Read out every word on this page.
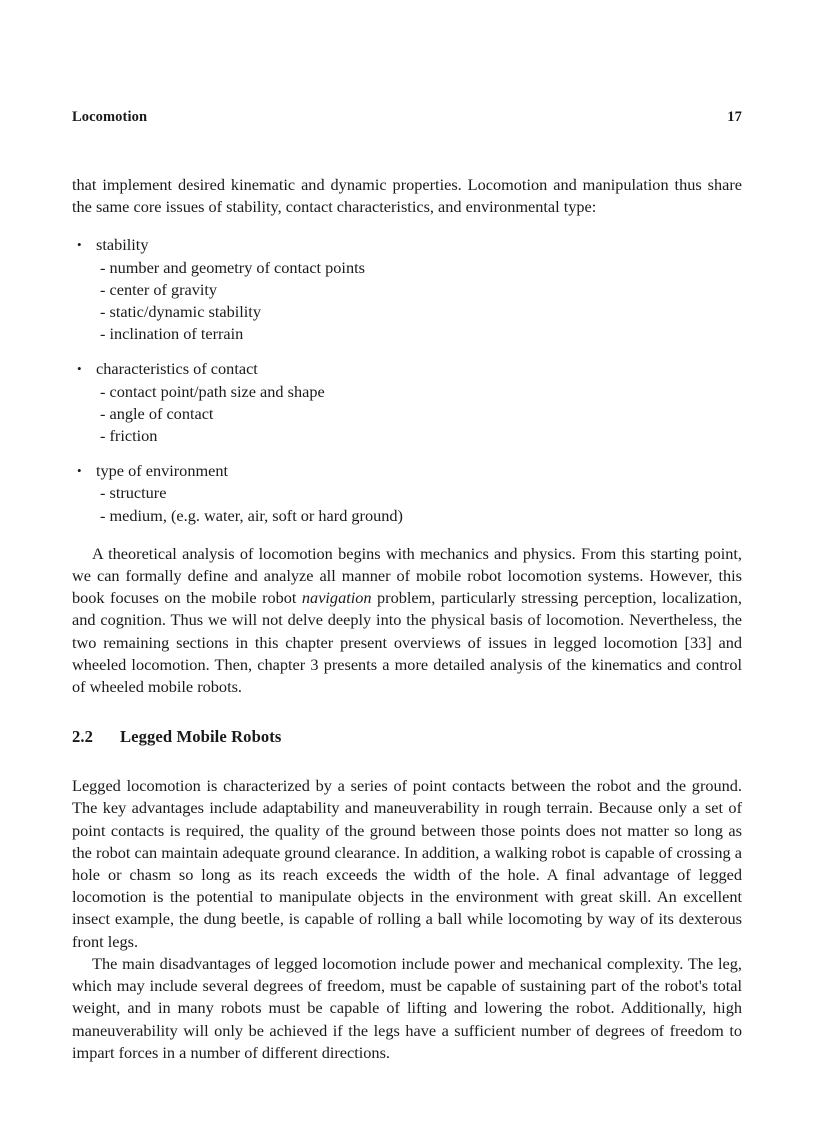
Locomotion	17

that implement desired kinematic and dynamic properties. Locomotion and manipulation thus share the same core issues of stability, contact characteristics, and environmental type:

• stability
- number and geometry of contact points
- center of gravity
- static/dynamic stability
- inclination of terrain
• characteristics of contact
- contact point/path size and shape
- angle of contact
- friction
• type of environment
- structure
- medium, (e.g. water, air, soft or hard ground)

A theoretical analysis of locomotion begins with mechanics and physics. From this starting point, we can formally define and analyze all manner of mobile robot locomotion systems. However, this book focuses on the mobile robot navigation problem, particularly stressing perception, localization, and cognition. Thus we will not delve deeply into the physical basis of locomotion. Nevertheless, the two remaining sections in this chapter present overviews of issues in legged locomotion [33] and wheeled locomotion. Then, chapter 3 presents a more detailed analysis of the kinematics and control of wheeled mobile robots.

2.2 Legged Mobile Robots

Legged locomotion is characterized by a series of point contacts between the robot and the ground. The key advantages include adaptability and maneuverability in rough terrain. Because only a set of point contacts is required, the quality of the ground between those points does not matter so long as the robot can maintain adequate ground clearance. In addition, a walking robot is capable of crossing a hole or chasm so long as its reach exceeds the width of the hole. A final advantage of legged locomotion is the potential to manipulate objects in the environment with great skill. An excellent insect example, the dung beetle, is capable of rolling a ball while locomoting by way of its dexterous front legs.

The main disadvantages of legged locomotion include power and mechanical complexity. The leg, which may include several degrees of freedom, must be capable of sustaining part of the robot's total weight, and in many robots must be capable of lifting and lowering the robot. Additionally, high maneuverability will only be achieved if the legs have a sufficient number of degrees of freedom to impart forces in a number of different directions.
